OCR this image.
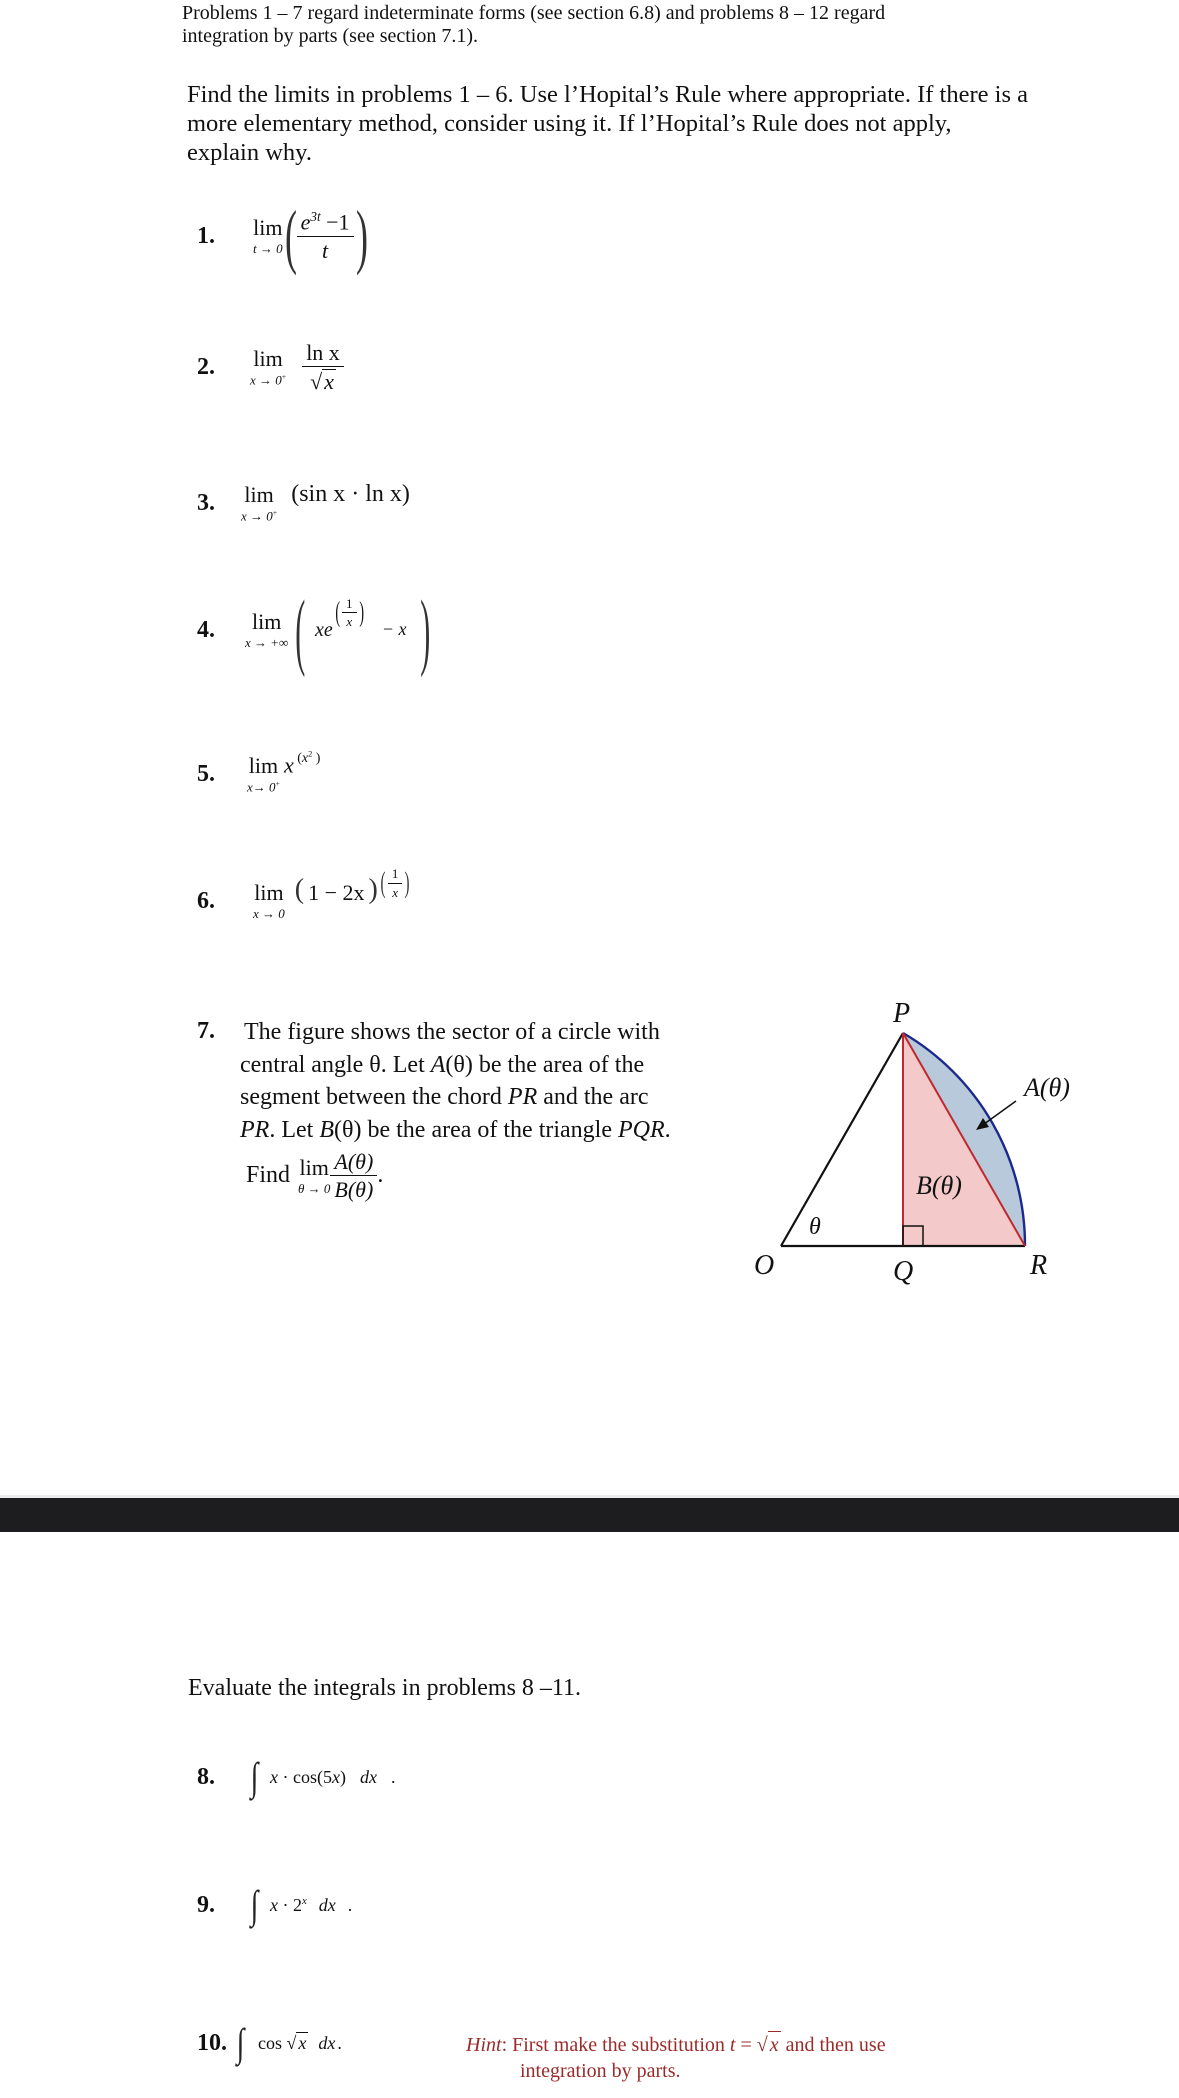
Problems 1 – 7 regard indeterminate forms (see section 6.8) and problems 8 – 12 regard
integration by parts (see section 7.1).
Find the limits in problems 1 – 6. Use l’Hopital’s Rule where appropriate. If there is a
more elementary method, consider using it. If l’Hopital’s Rule does not apply,
explain why.
1.	lim
t → 0 ( $\frac{e^{3t} -1}{t}$ )
2.	lim
$x \to 0^+ \frac{\text{ln x}}{√ x}$
3.	lim
x → 0+
(sin x · ln x)
4.	lim
x → +∞ ( xe
( $\frac{1}{x}$ )
− x )
5.	lim
x→ 0+
x $^{(x^2 )}$
6.	lim
x → 0
( 1 − 2x ) ( $\frac{1}{x}$ )
7. The figure shows the sector of a circle with
central angle θ. Let A(θ) be the area of the
segment between the chord PR and the arc
PR. Let B(θ) be the area of the triangle PQR.
Find lim
$\theta \to 0 \frac{A(\theta)}{B(\theta)}$ .
P
O	Q	R
θ
A(θ)
B(θ)
Evaluate the integrals in problems 8 –11.
8. ∫ x · cos(5x) dx .
9. ∫ $x \cdot 2^x$ dx .
10. ∫ cos √ x dx .	Hint: First make the substitution t = √ x and then use
integration by parts.
